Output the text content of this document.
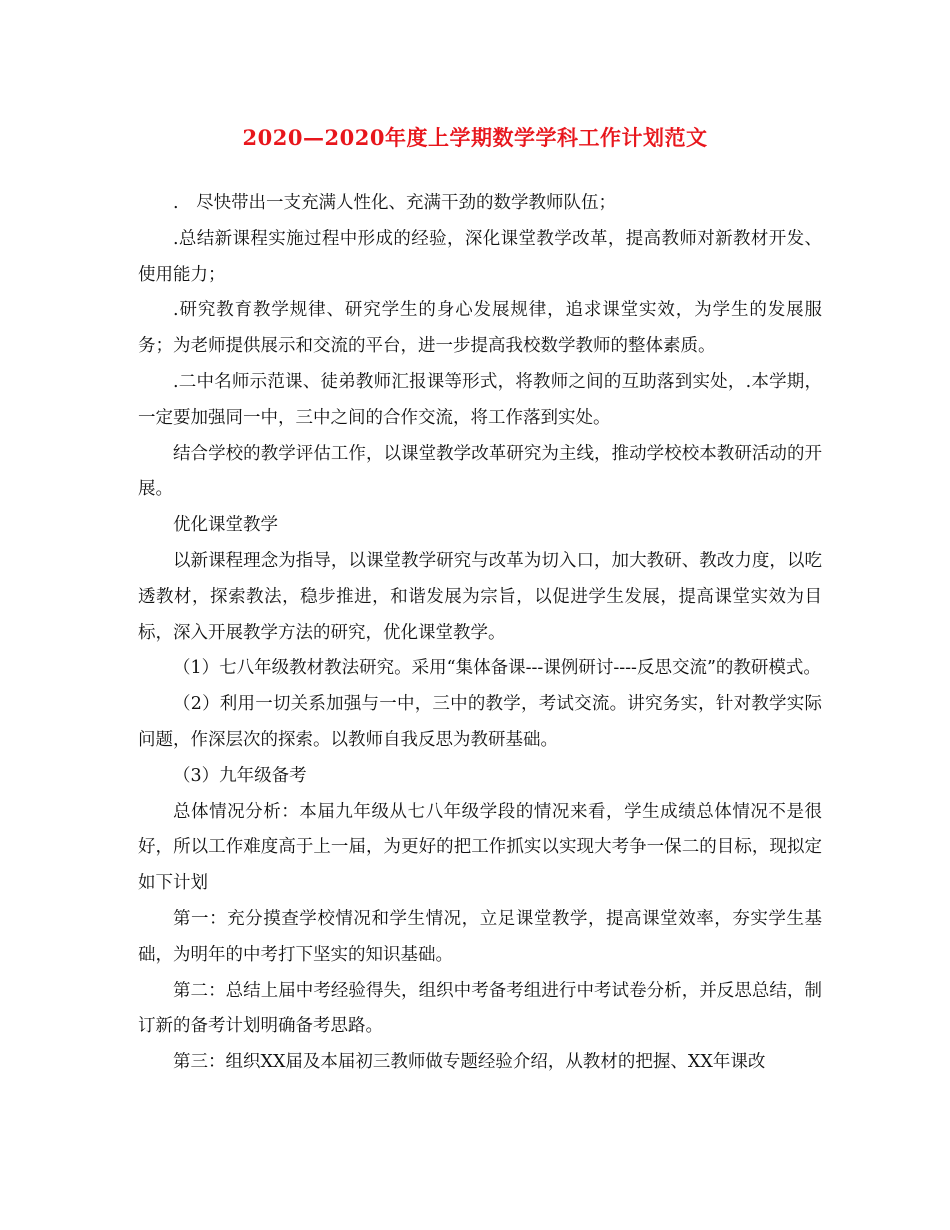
2020—2020年度上学期数学学科工作计划范文

.　尽快带出一支充满人性化、充满干劲的数学教师队伍；

.总结新课程实施过程中形成的经验，深化课堂教学改革，提高教师对新教材开发、使用能力；

.研究教育教学规律、研究学生的身心发展规律，追求课堂实效，为学生的发展服务；为老师提供展示和交流的平台，进一步提高我校数学教师的整体素质。

.二中名师示范课、徒弟教师汇报课等形式，将教师之间的互助落到实处，.本学期，一定要加强同一中，三中之间的合作交流，将工作落到实处。

结合学校的教学评估工作，以课堂教学改革研究为主线，推动学校校本教研活动的开展。

优化课堂教学

以新课程理念为指导，以课堂教学研究与改革为切入口，加大教研、教改力度，以吃透教材，探索教法，稳步推进，和谐发展为宗旨，以促进学生发展，提高课堂实效为目标，深入开展教学方法的研究，优化课堂教学。

（1）七八年级教材教法研究。采用“集体备课---课例研讨----反思交流”的教研模式。

（2）利用一切关系加强与一中，三中的教学，考试交流。讲究务实，针对教学实际问题，作深层次的探索。以教师自我反思为教研基础。

（3）九年级备考

总体情况分析：本届九年级从七八年级学段的情况来看，学生成绩总体情况不是很好，所以工作难度高于上一届，为更好的把工作抓实以实现大考争一保二的目标，现拟定如下计划

第一：充分摸查学校情况和学生情况，立足课堂教学，提高课堂效率，夯实学生基础，为明年的中考打下坚实的知识基础。

第二：总结上届中考经验得失，组织中考备考组进行中考试卷分析，并反思总结，制订新的备考计划明确备考思路。

第三：组织XX届及本届初三教师做专题经验介绍，从教材的把握、XX年课改
